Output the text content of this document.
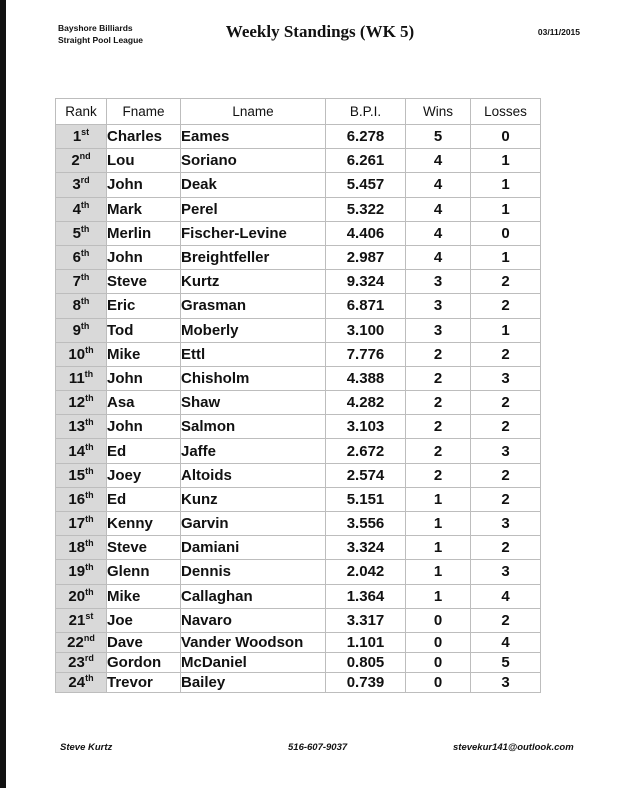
Bayshore Billiards
Straight Pool League	Weekly Standings (WK 5)	03/11/2015
Rank	Fname	Lname	B.P.I.	Wins	Losses
1st	Charles	Eames	6.278	5	0
2nd	Lou	Soriano	6.261	4	1
3rd	John	Deak	5.457	4	1
4th	Mark	Perel	5.322	4	1
5th	Merlin	Fischer-Levine	4.406	4	0
6th	John	Breightfeller	2.987	4	1
7th	Steve	Kurtz	9.324	3	2
8th	Eric	Grasman	6.871	3	2
9th	Tod	Moberly	3.100	3	1
10th	Mike	Ettl	7.776	2	2
11th	John	Chisholm	4.388	2	3
12th	Asa	Shaw	4.282	2	2
13th	John	Salmon	3.103	2	2
14th	Ed	Jaffe	2.672	2	3
15th	Joey	Altoids	2.574	2	2
16th	Ed	Kunz	5.151	1	2
17th	Kenny	Garvin	3.556	1	3
18th	Steve	Damiani	3.324	1	2
19th	Glenn	Dennis	2.042	1	3
20th	Mike	Callaghan	1.364	1	4
21st	Joe	Navaro	3.317	0	2
22nd	Dave	Vander Woodson	1.101	0	4
23rd	Gordon	McDaniel	0.805	0	5
24th	Trevor	Bailey	0.739	0	3
Steve Kurtz	516-607-9037	stevekur141@outlook.com
